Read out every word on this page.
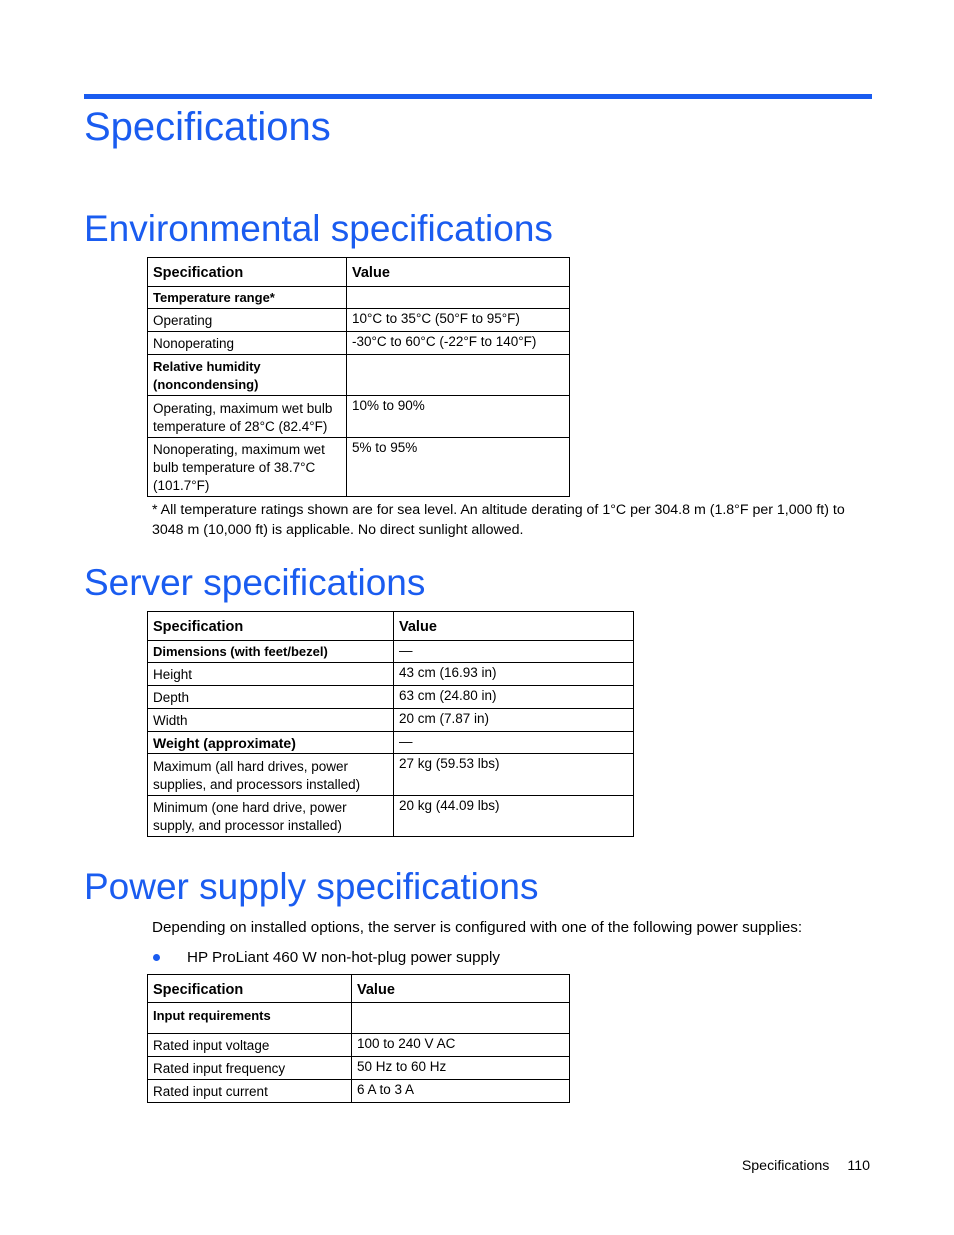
Specifications
Environmental specifications
Specification	Value
Temperature range*	
Operating	10°C to 35°C (50°F to 95°F)
Nonoperating	-30°C to 60°C (-22°F to 140°F)
Relative humidity (noncondensing)	
Operating, maximum wet bulb temperature of 28°C (82.4°F)	10% to 90%
Nonoperating, maximum wet bulb temperature of 38.7°C (101.7°F)	5% to 95%

* All temperature ratings shown are for sea level. An altitude derating of 1°C per 304.8 m (1.8°F per 1,000 ft) to 3048 m (10,000 ft) is applicable. No direct sunlight allowed.

Server specifications
Specification	Value
Dimensions (with feet/bezel)	—
Height	43 cm (16.93 in)
Depth	63 cm (24.80 in)
Width	20 cm (7.87 in)
Weight (approximate)	—
Maximum (all hard drives, power supplies, and processors installed)	27 kg (59.53 lbs)
Minimum (one hard drive, power supply, and processor installed)	20 kg (44.09 lbs)
Power supply specifications

Depending on installed options, the server is configured with one of the following power supplies:

HP ProLiant 460 W non-hot-plug power supply
Specification	Value
Input requirements	
Rated input voltage	100 to 240 V AC
Rated input frequency	50 Hz to 60 Hz
Rated input current	6 A to 3 A
Specifications 110
